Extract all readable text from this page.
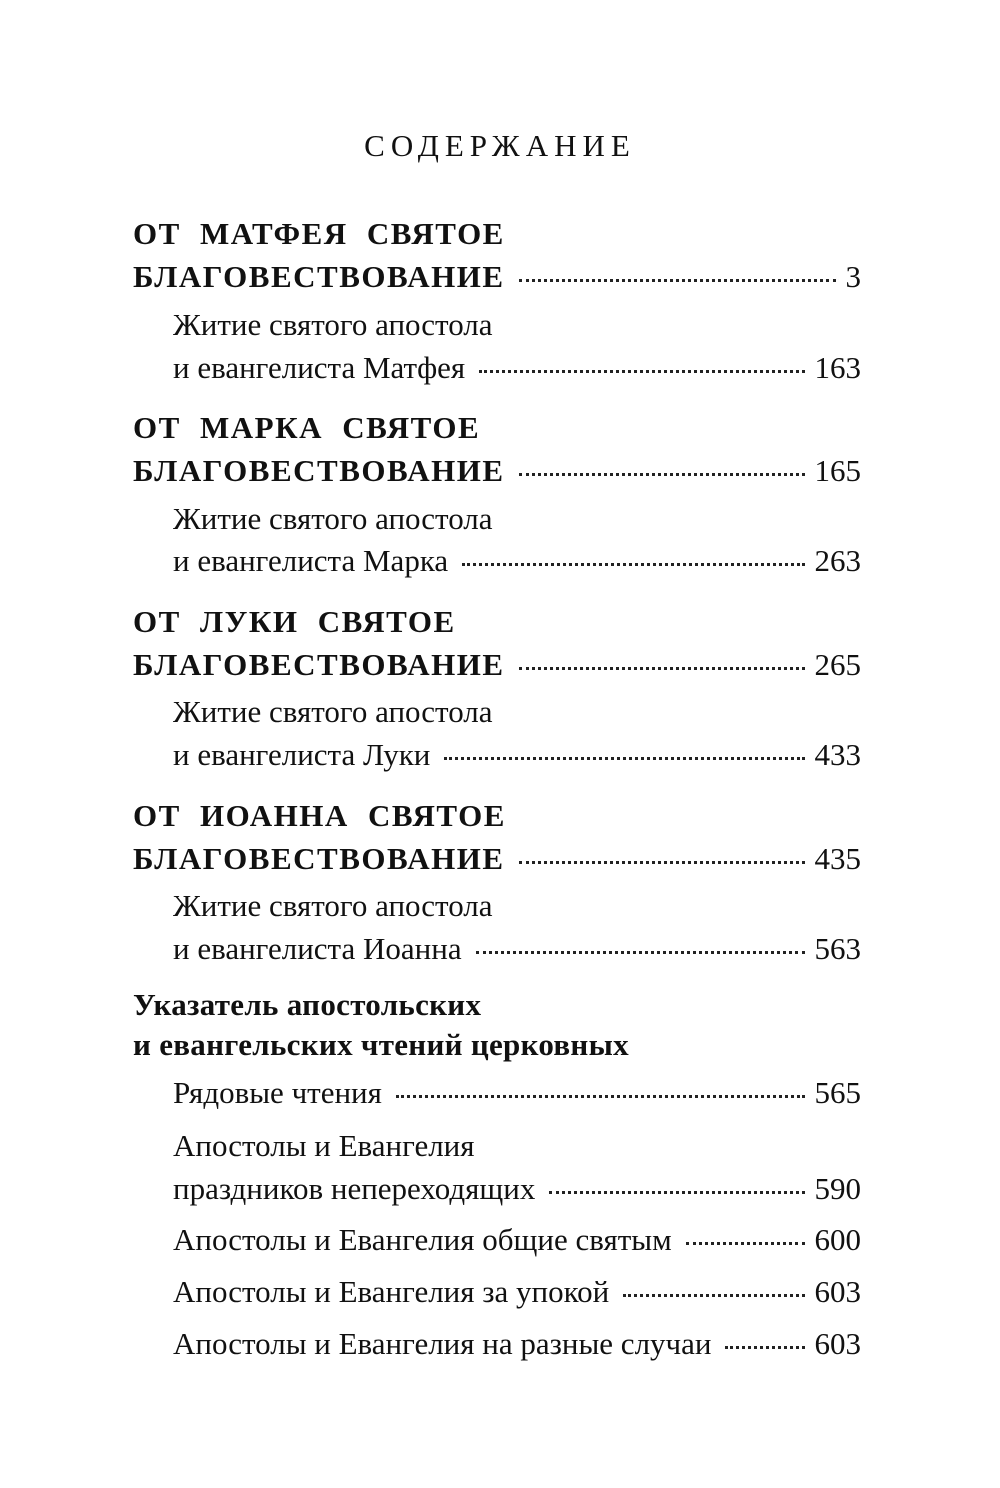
СОДЕРЖАНИЕ
ОТ МАТФЕЯ СВЯТОЕ
БЛАГОВЕСТВОВАНИЕ	3
Житие святого апостола
и евангелиста Матфея	163
ОТ МАРКА СВЯТОЕ
БЛАГОВЕСТВОВАНИЕ	165
Житие святого апостола
и евангелиста Марка	263
ОТ ЛУКИ СВЯТОЕ
БЛАГОВЕСТВОВАНИЕ	265
Житие святого апостола
и евангелиста Луки	433
ОТ ИОАННА СВЯТОЕ
БЛАГОВЕСТВОВАНИЕ	435
Житие святого апостола
и евангелиста Иоанна	563
Указатель апостольских
и евангельских чтений церковных
Рядовые чтения	565
Апостолы и Евангелия
праздников непереходящих	590
Апостолы и Евангелия общие святым	600
Апостолы и Евангелия за упокой	603
Апостолы и Евангелия на разные случаи	603
